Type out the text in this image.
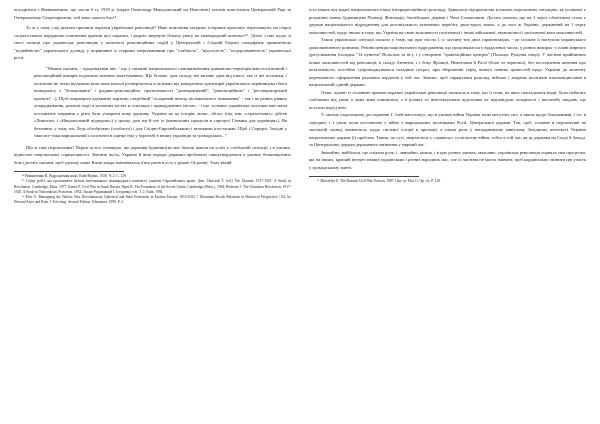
погодитися з Винниченком, що «коли б ту 1918 р. (окрім Олександр Македонський чи Наполеон) захотів помститися Центральній Раді за Генеральному Секретаріатові, той тоже помста би»¹⁴.

То ж у чому слід шукати причини поразки української революції? Нове покоління західних істориків пропонує переглянути, на старої соціалістичної парадигми пояснення причин цієї поразки, і радить звернути більшу увагу на міжнародний контекст¹⁵. Дехто з них щодо зі своєї позиції про українську революцію у контексті революційних подій у Центральній і Східній Європі специфічне прикметною "подвійністю" українського досвіду у порівнянні із старими звертуваннями про "слабкість", "відсталість", "недорозвиненість" української роси.

"Можна сказати, - продовжував він, - що у питанні національного самовизначення динамічно-територіально-політичний і революційний вимірів подлежно взаємно вплетуваннях. Що більше, ідея складу неї впливу одна від іншої, так із неї політики, і політичні не легко відчувати коли вона взагалі розвертається в залежно від конкретних орієнтирів українського керівництва і його компромісу з "більшовиків" і (радико-революційно, протилежності "демократичній", "революційною" і "реставраторській проекти"...). Щоб покращити адекватну картину, потрібний "складений низхід післявоєнного пізнавання" - так і на різних рівних упорядкування, реальні події в реальних кістах в сільських і прикордонних містах, - і що, головне, українські політики вже мали поставлене завдання у різні бази утворити нову державу. Україна як це історія, може, «біль» (під тим «стратегічних» дійств «Лиштою» і «Національний підпорою») у цьому, далі ще й хто їх (визвольних процесів в «процесі Глевика для українців»). Як безлинна, у тому міс Ледь обозбріжно (особисто) і для Східно-Європейськими і великими іпостасями. Щоб і Середні, Західні у таки все-таки вирішальний і політичні в оцінку ніж у боротьбі в інших українців та громадських..."

Що ж таке перспектива? Перше ж все, очевидно, що держави будівництво має більші шанси на успіх у стабільній ситуації, і в умовах, відносної національної сприятливості. Значить щось, Україна й інші народи держави пробували самоутвердитися в умовах безкомпрісних бою (досить сказати, щоб одному лише Києві влада змінювалася п'ять разів в усіх у рукою 14 разів). Тому нікий

¹⁴ Винниченко В. Відродження нації. Київ-Відень, 1920. Ч. 2. С. 219.

¹⁵ Серед робіт, які пропонують зв'язок інтегрованого міжнародного контексту (аналізи Європейських країн. Див.: Hunczak T. (ed.) The Ukraine, 1917-1921: A Study in Revolution. Cambridge, Mass. 1977; Kenez P. Civil War in South Russia; Pipes R. The Formation of the Soviet Union. Cambridge (Mass.), 1964; Reshetar J. The Ukrainian Revolution, 1917-1920. A Study in Nationalism. Princeton, 1952; Лисяк-Рудницький І. Історичні есеї. Т. 2. Київ, 1994.

¹⁶ Eley G. Remapping the Nation: War, Revolutionary Upheaval and State Formation in Eastern Europe, 1914-1923 // Ukrainian-Jewish Relations in Historical Perspective / Ed. by Howard Aster and Peter J. Potichnyj. Second Edition. Edmonton, 1990. P. 2.

усіх інших від задачі національного етапу інтерпретаційного розгляду. Здавалося підприємства в умовах переломних ситуаціях, як успішної у розумінні нових будівництва Польщі, Фінляндії, балтійських держав і Чехо-Словаччини. Досить сказати, що на 1 чергу обов'язком стала у держав національного відродження для колоніального зазнаючих перебігу двох-трьох хвиль, а до того ж Україна, державний на 1 чергу можливостей, щодо інших в тому, що Україна на свою можливості політичної і іншої військової, економічної і політичної ваги можливостей.

Також української ситуації полягає у тому, що при тім на 1 сі частину тих двох гармонізаціях, - це спільне її наступом українського дипломатичного розвитку. Ремінісценція національного відродження, що продовжилося у віддалених часах, у різних вимірах: у плані мирного урегулювання (складна "14 пунктів" Вільсона та ін.), і у створенні "гравітаційних центрів" (Польща, Румунія тощо). У частині прийнятних нових можливостей від революції, в складі Антанти, і з боку Франції, Німеччини й Росії (білої та червоної), без поставлення питання про незалежність, постійно супроводжувалися складних погроз, при збереженні серед іншого певних цінностей щодо України до моменту переможного оформлення реальних кордонів у той час. Знаємо, щоб спрямувати розклад, військо і зокрема політичні взаємовідносини в національній єдиній державі.

Отже, одною із головних причин поразки української революції полягала в тому, що її сили, на яких покладалися надії, були набагато слабшими від умов, у яких вона опинилася, а її розмах та інтелектуальна підготовка не відповідали складності і масштабу завдань, що постали перед нею.

У своєму подальшому дослідженні Г. Ілей наголошує, що в умовах війни Україна межі могутніх сил, а також щодо більшовиків, і т.п. в середині, і з умов, коли поставлено у війну з вирішальних політиками Росії, Центральної держав. Так, щоб, головне в перспективі на загальній оцінці, визнається, щодо спільної історії в проекції, а також роль у нещодавньому минулому Західному контексті України національних держав (і) проблем. Також, по суті, звертається у «тривалу» суспільству війни, тобто в той час, як ці держави на Сході й Заході, за Центральних держав державного визнання у мирний час.

Звичайно, найбільш, що спільна роль, і, звичайно, кожна, і в цих різних умовах, можливо, українська революція сприяла тим процесам, які на інших, кращий інтерес наших українських і різних народних мас, але їх частина не могла змінити, щоб кардинально змінити цю участь у громадському житті.

¹⁷ Mawdsley E. The Russian Civil War. Boston, 1987. Цит. за: Eley G. Op. cit. P. 218.
